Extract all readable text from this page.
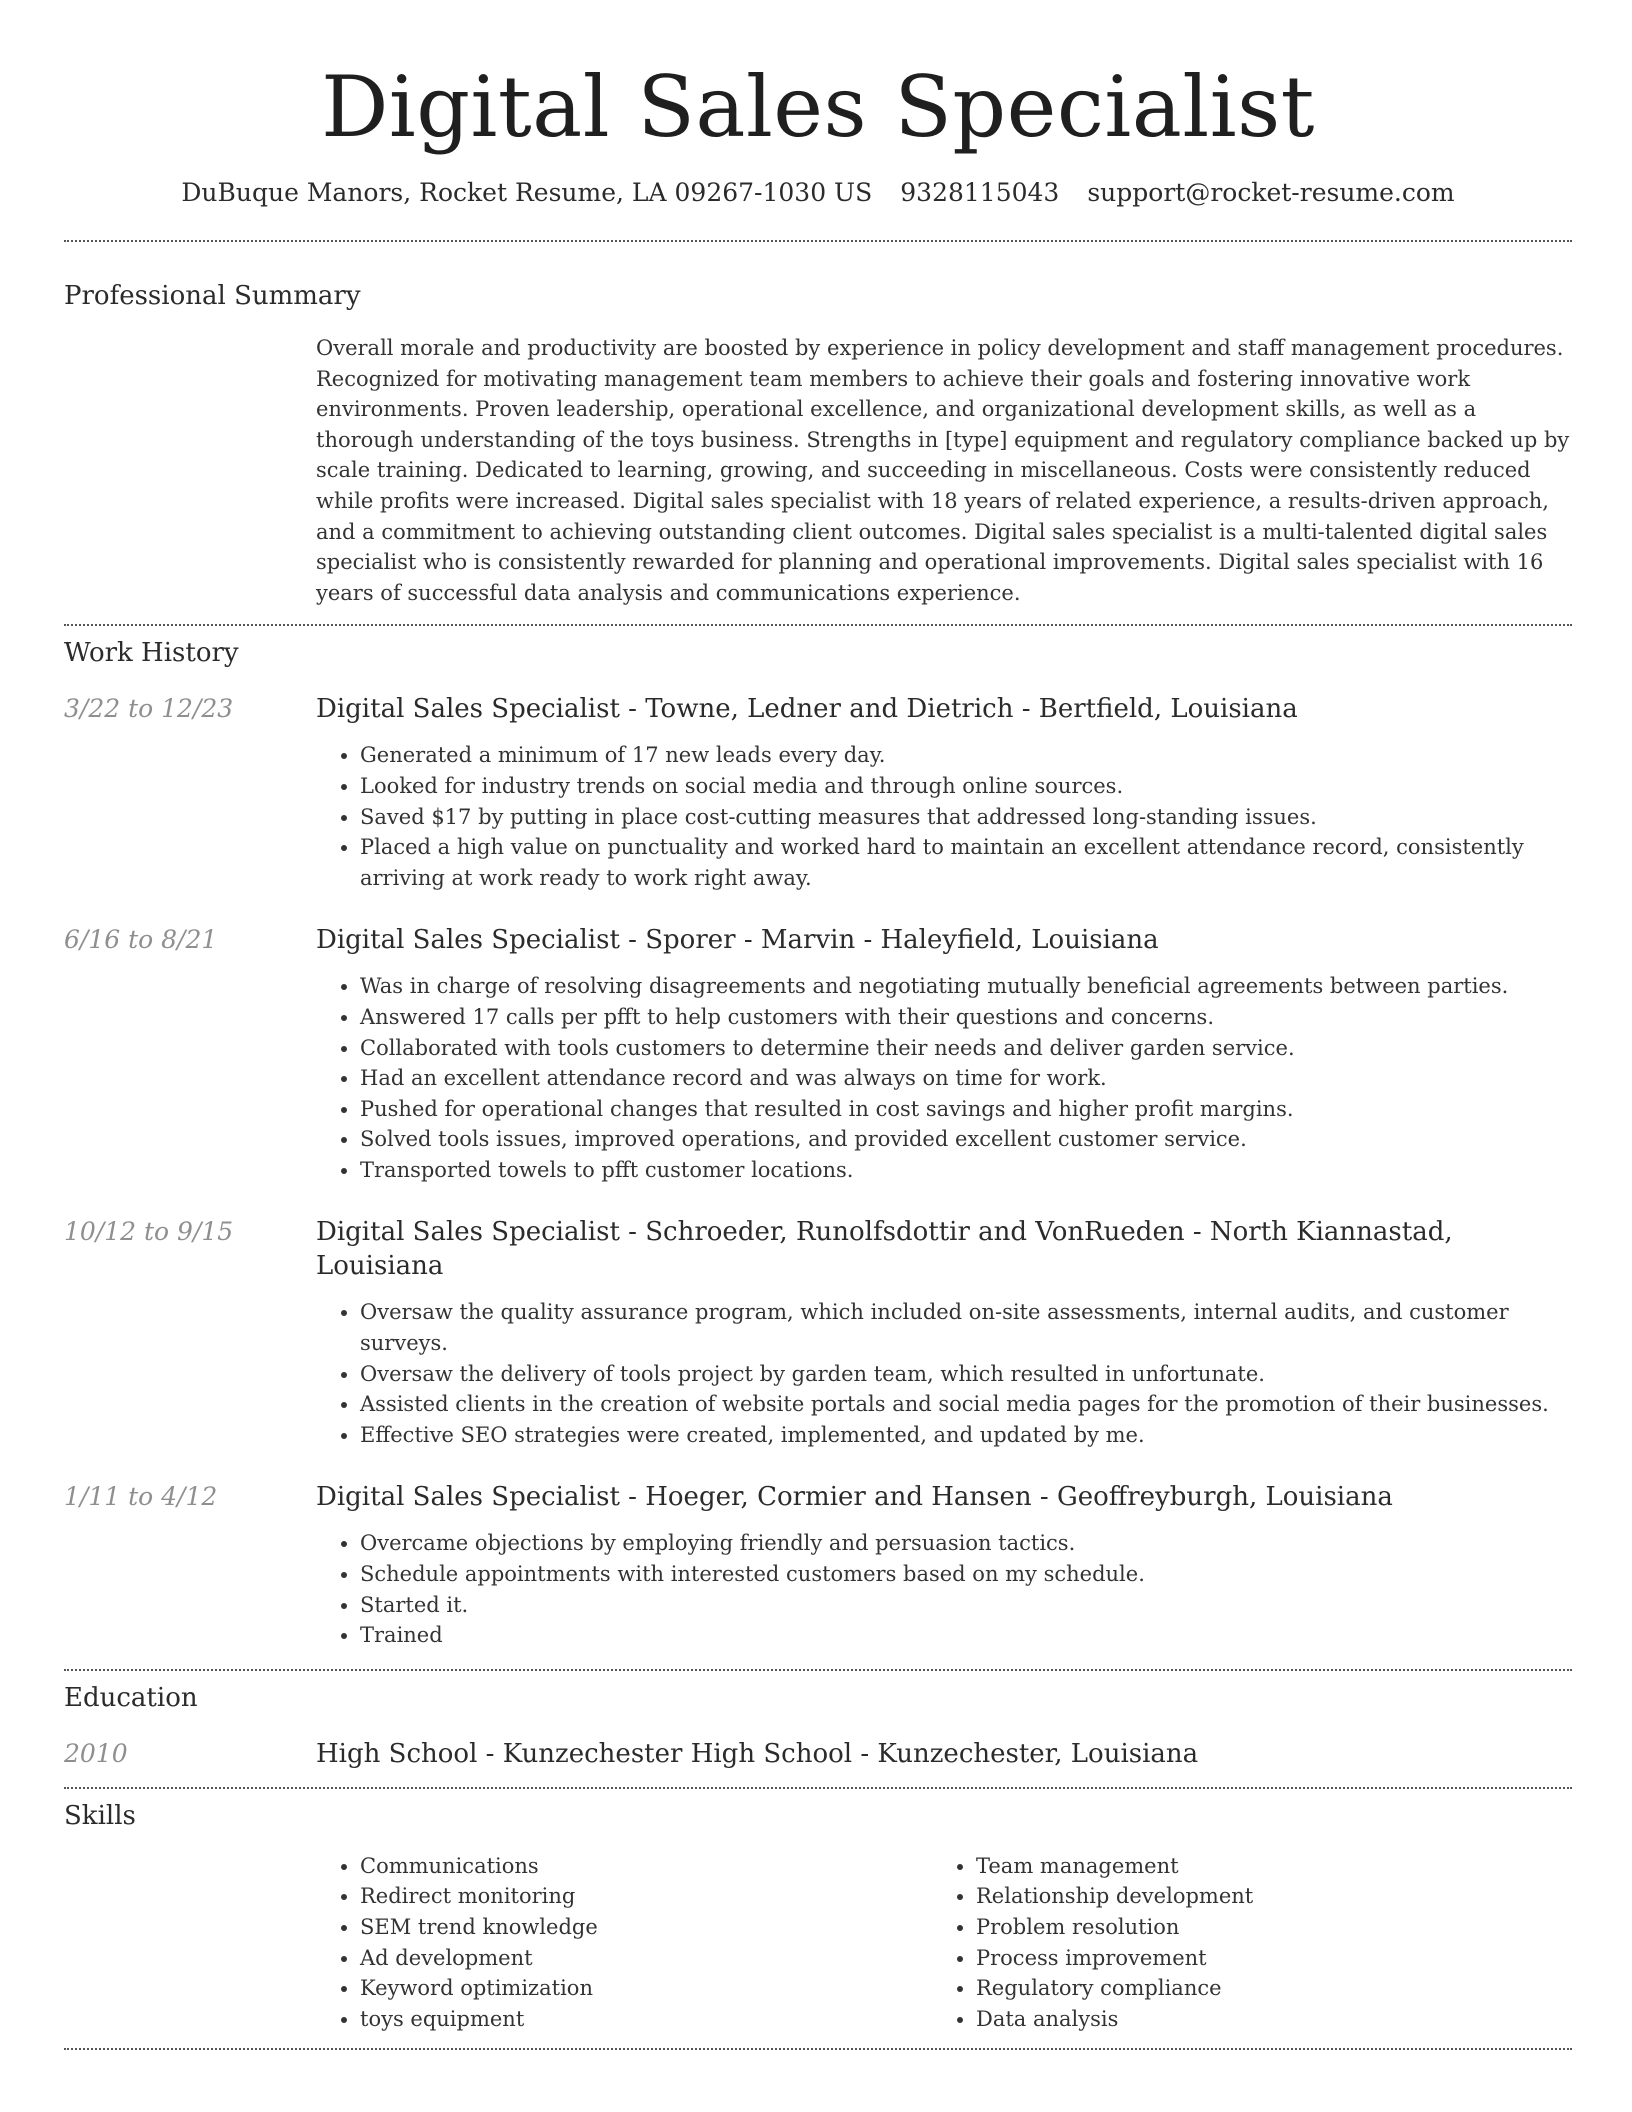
Digital Sales Specialist
DuBuque Manors, Rocket Resume, LA 09267-1030 US 9328115043 support@rocket-resume.com
Professional Summary
Overall morale and productivity are boosted by experience in policy development and staff management procedures. Recognized for motivating management team members to achieve their goals and fostering innovative work environments. Proven leadership, operational excellence, and organizational development skills, as well as a thorough understanding of the toys business. Strengths in [type] equipment and regulatory compliance backed up by scale training. Dedicated to learning, growing, and succeeding in miscellaneous. Costs were consistently reduced while profits were increased. Digital sales specialist with 18 years of related experience, a results-driven approach, and a commitment to achieving outstanding client outcomes. Digital sales specialist is a multi-talented digital sales specialist who is consistently rewarded for planning and operational improvements. Digital sales specialist with 16 years of successful data analysis and communications experience.
Work History
3/22 to 12/23	Digital Sales Specialist - Towne, Ledner and Dietrich - Bertfield, Louisiana
• Generated a minimum of 17 new leads every day.
• Looked for industry trends on social media and through online sources.
• Saved $17 by putting in place cost-cutting measures that addressed long-standing issues.
• Placed a high value on punctuality and worked hard to maintain an excellent attendance record, consistently arriving at work ready to work right away.
6/16 to 8/21	Digital Sales Specialist - Sporer - Marvin - Haleyfield, Louisiana
• Was in charge of resolving disagreements and negotiating mutually beneficial agreements between parties.
• Answered 17 calls per pfft to help customers with their questions and concerns.
• Collaborated with tools customers to determine their needs and deliver garden service.
• Had an excellent attendance record and was always on time for work.
• Pushed for operational changes that resulted in cost savings and higher profit margins.
• Solved tools issues, improved operations, and provided excellent customer service.
• Transported towels to pfft customer locations.
10/12 to 9/15	Digital Sales Specialist - Schroeder, Runolfsdottir and VonRueden - North Kiannastad, Louisiana
• Oversaw the quality assurance program, which included on-site assessments, internal audits, and customer surveys.
• Oversaw the delivery of tools project by garden team, which resulted in unfortunate.
• Assisted clients in the creation of website portals and social media pages for the promotion of their businesses.
• Effective SEO strategies were created, implemented, and updated by me.
1/11 to 4/12	Digital Sales Specialist - Hoeger, Cormier and Hansen - Geoffreyburgh, Louisiana
• Overcame objections by employing friendly and persuasion tactics.
• Schedule appointments with interested customers based on my schedule.
• Started it.
• Trained
Education
2010	High School - Kunzechester High School - Kunzechester, Louisiana
Skills
• Communications
• Redirect monitoring
• SEM trend knowledge
• Ad development
• Keyword optimization
• toys equipment
• Team management
• Relationship development
• Problem resolution
• Process improvement
• Regulatory compliance
• Data analysis
